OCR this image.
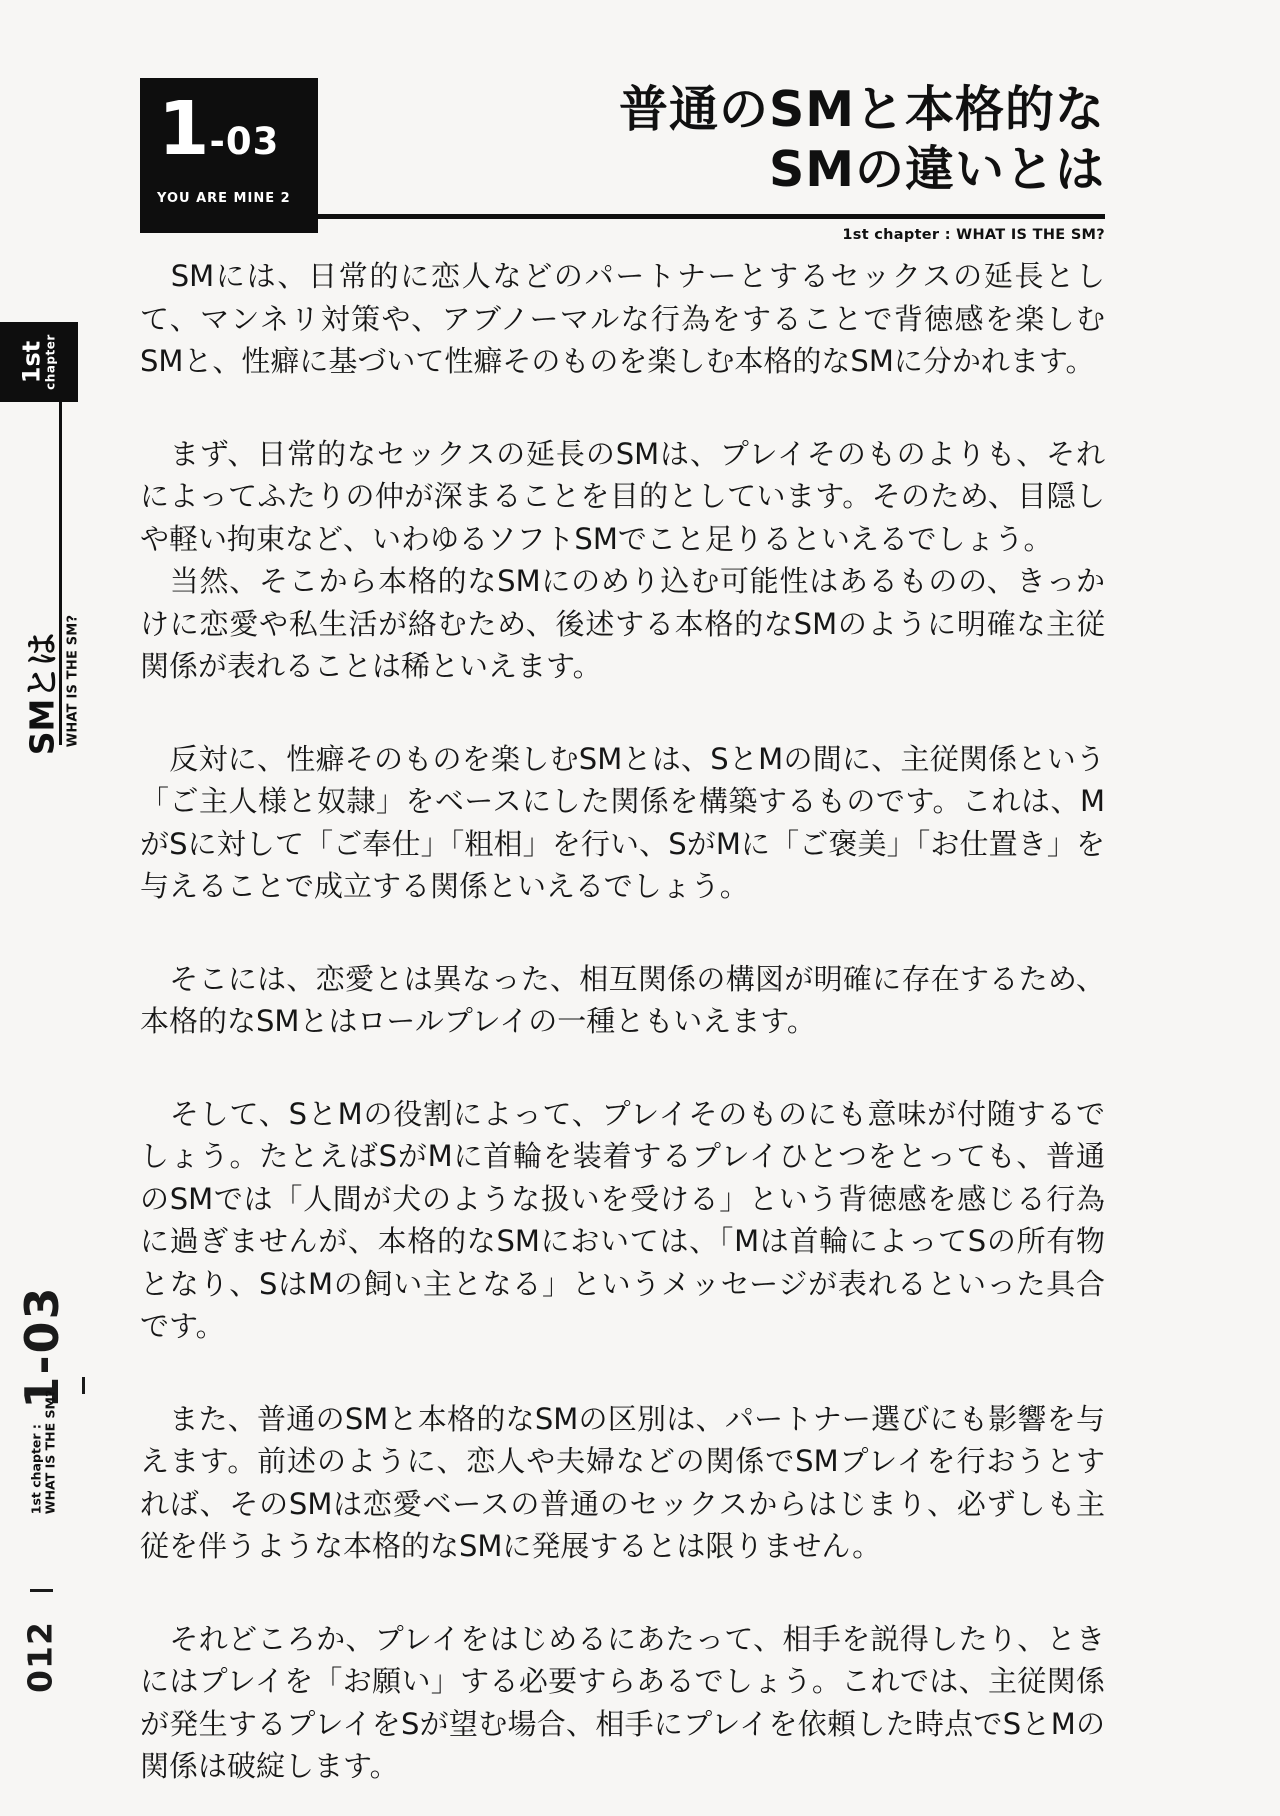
1 -03
YOU ARE MINE 2
普通のSMと本格的な
SMの違いとは
1st chapter : WHAT IS THE SM?
1st
chapter
SMとは WHAT IS THE SM?
1-03
1st chapter :
WHAT IS THE SM?
012

　SMには、日常的に恋人などのパートナーとするセックスの延長として、マンネリ対策や、アブノーマルな行為をすることで背徳感を楽しむSMと、性癖に基づいて性癖そのものを楽しむ本格的なSMに分かれます。

　まず、日常的なセックスの延長のSMは、プレイそのものよりも、それによってふたりの仲が深まることを目的としています。そのため、目隠しや軽い拘束など、いわゆるソフトSMでこと足りるといえるでしょう。

　当然、そこから本格的なSMにのめり込む可能性はあるものの、きっかけに恋愛や私生活が絡むため、後述する本格的なSMのように明確な主従関係が表れることは稀といえます。

　反対に、性癖そのものを楽しむSMとは、SとMの間に、主従関係という「ご主人様と奴隷」をベースにした関係を構築するものです。これは、MがSに対して「ご奉仕」「粗相」を行い、SがMに「ご褒美」「お仕置き」を与えることで成立する関係といえるでしょう。

　そこには、恋愛とは異なった、相互関係の構図が明確に存在するため、本格的なSMとはロールプレイの一種ともいえます。

　そして、SとMの役割によって、プレイそのものにも意味が付随するでしょう。たとえばSがMに首輪を装着するプレイひとつをとっても、普通のSMでは「人間が犬のような扱いを受ける」という背徳感を感じる行為に過ぎませんが、本格的なSMにおいては、「Mは首輪によってSの所有物となり、SはMの飼い主となる」というメッセージが表れるといった具合です。

　また、普通のSMと本格的なSMの区別は、パートナー選びにも影響を与えます。前述のように、恋人や夫婦などの関係でSMプレイを行おうとすれば、そのSMは恋愛ベースの普通のセックスからはじまり、必ずしも主従を伴うような本格的なSMに発展するとは限りません。

　それどころか、プレイをはじめるにあたって、相手を説得したり、ときにはプレイを「お願い」する必要すらあるでしょう。これでは、主従関係が発生するプレイをSが望む場合、相手にプレイを依頼した時点でSとMの関係は破綻します。
